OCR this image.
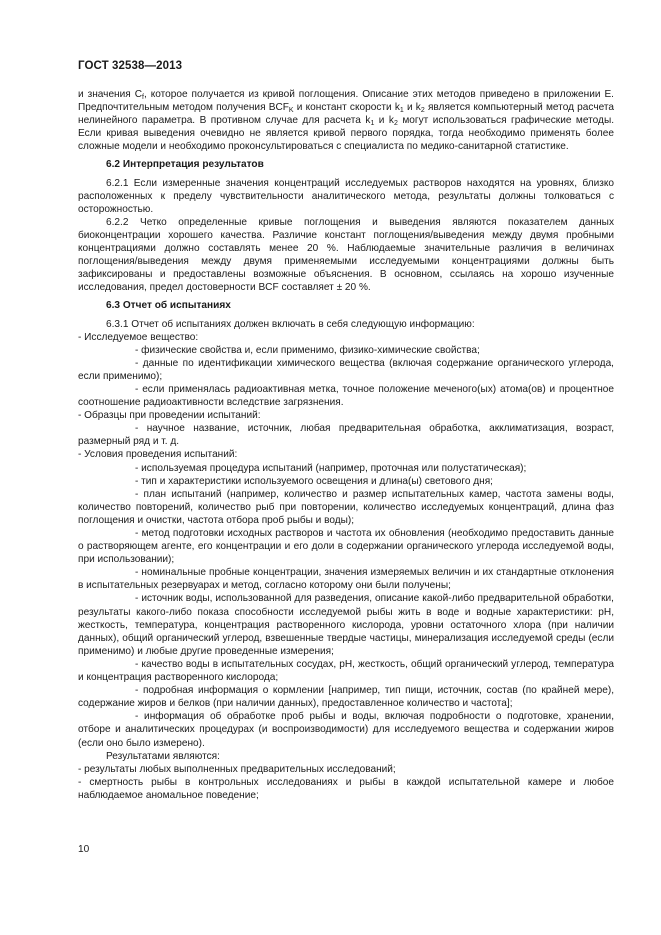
ГОСТ 32538—2013

и значения $C_f$, которое получается из кривой поглощения. Описание этих методов приведено в приложении Е. Предпочтительным методом получения $BCF_K$ и констант скорости $k_1$ и $k_2$ является компьютерный метод расчета нелинейного параметра. В противном случае для расчета $k_1$ и $k_2$ могут использоваться графические методы. Если кривая выведения очевидно не является кривой первого порядка, тогда необходимо применять более сложные модели и необходимо проконсультироваться с специалиста по медико-санитарной статистике.

6.2 Интерпретация результатов

6.2.1 Если измеренные значения концентраций исследуемых растворов находятся на уровнях, близко расположенных к пределу чувствительности аналитического метода, результаты должны толковаться с осторожностью.

6.2.2 Четко определенные кривые поглощения и выведения являются показателем данных биоконцентрации хорошего качества. Различие констант поглощения/выведения между двумя пробными концентрациями должно составлять менее 20 %. Наблюдаемые значительные различия в величинах поглощения/выведения между двумя применяемыми исследуемыми концентрациями должны быть зафиксированы и предоставлены возможные объяснения. В основном, ссылаясь на хорошо изученные исследования, предел достоверности BCF составляет ± 20 %.

6.3 Отчет об испытаниях

6.3.1 Отчет об испытаниях должен включать в себя следующую информацию:

- Исследуемое вещество:

- физические свойства и, если применимо, физико-химические свойства;

- данные по идентификации химического вещества (включая содержание органического углерода, если применимо);

- если применялась радиоактивная метка, точное положение меченого(ых) атома(ов) и процентное соотношение радиоактивности вследствие загрязнения.

- Образцы при проведении испытаний:

- научное название, источник, любая предварительная обработка, акклиматизация, возраст, размерный ряд и т. д.

- Условия проведения испытаний:

- используемая процедура испытаний (например, проточная или полустатическая);

- тип и характеристики используемого освещения и длина(ы) светового дня;

- план испытаний (например, количество и размер испытательных камер, частота замены воды, количество повторений, количество рыб при повторении, количество исследуемых концентраций, длина фаз поглощения и очистки, частота отбора проб рыбы и воды);

- метод подготовки исходных растворов и частота их обновления (необходимо предоставить данные о растворяющем агенте, его концентрации и его доли в содержании органического углерода исследуемой воды, при использовании);

- номинальные пробные концентрации, значения измеряемых величин и их стандартные отклонения в испытательных резервуарах и метод, согласно которому они были получены;

- источник воды, использованной для разведения, описание какой-либо предварительной обработки, результаты какого-либо показа способности исследуемой рыбы жить в воде и водные характеристики: pH, жесткость, температура, концентрация растворенного кислорода, уровни остаточного хлора (при наличии данных), общий органический углерод, взвешенные твердые частицы, минерализация исследуемой среды (если применимо) и любые другие проведенные измерения;

- качество воды в испытательных сосудах, pH, жесткость, общий органический углерод, температура и концентрация растворенного кислорода;

- подробная информация о кормлении [например, тип пищи, источник, состав (по крайней мере), содержание жиров и белков (при наличии данных), предоставленное количество и частота];

- информация об обработке проб рыбы и воды, включая подробности о подготовке, хранении, отборе и аналитических процедурах (и воспроизводимости) для исследуемого вещества и содержании жиров (если оно было измерено).

Результатами являются:

- результаты любых выполненных предварительных исследований;

- смертность рыбы в контрольных исследованиях и рыбы в каждой испытательной камере и любое наблюдаемое аномальное поведение;

10
